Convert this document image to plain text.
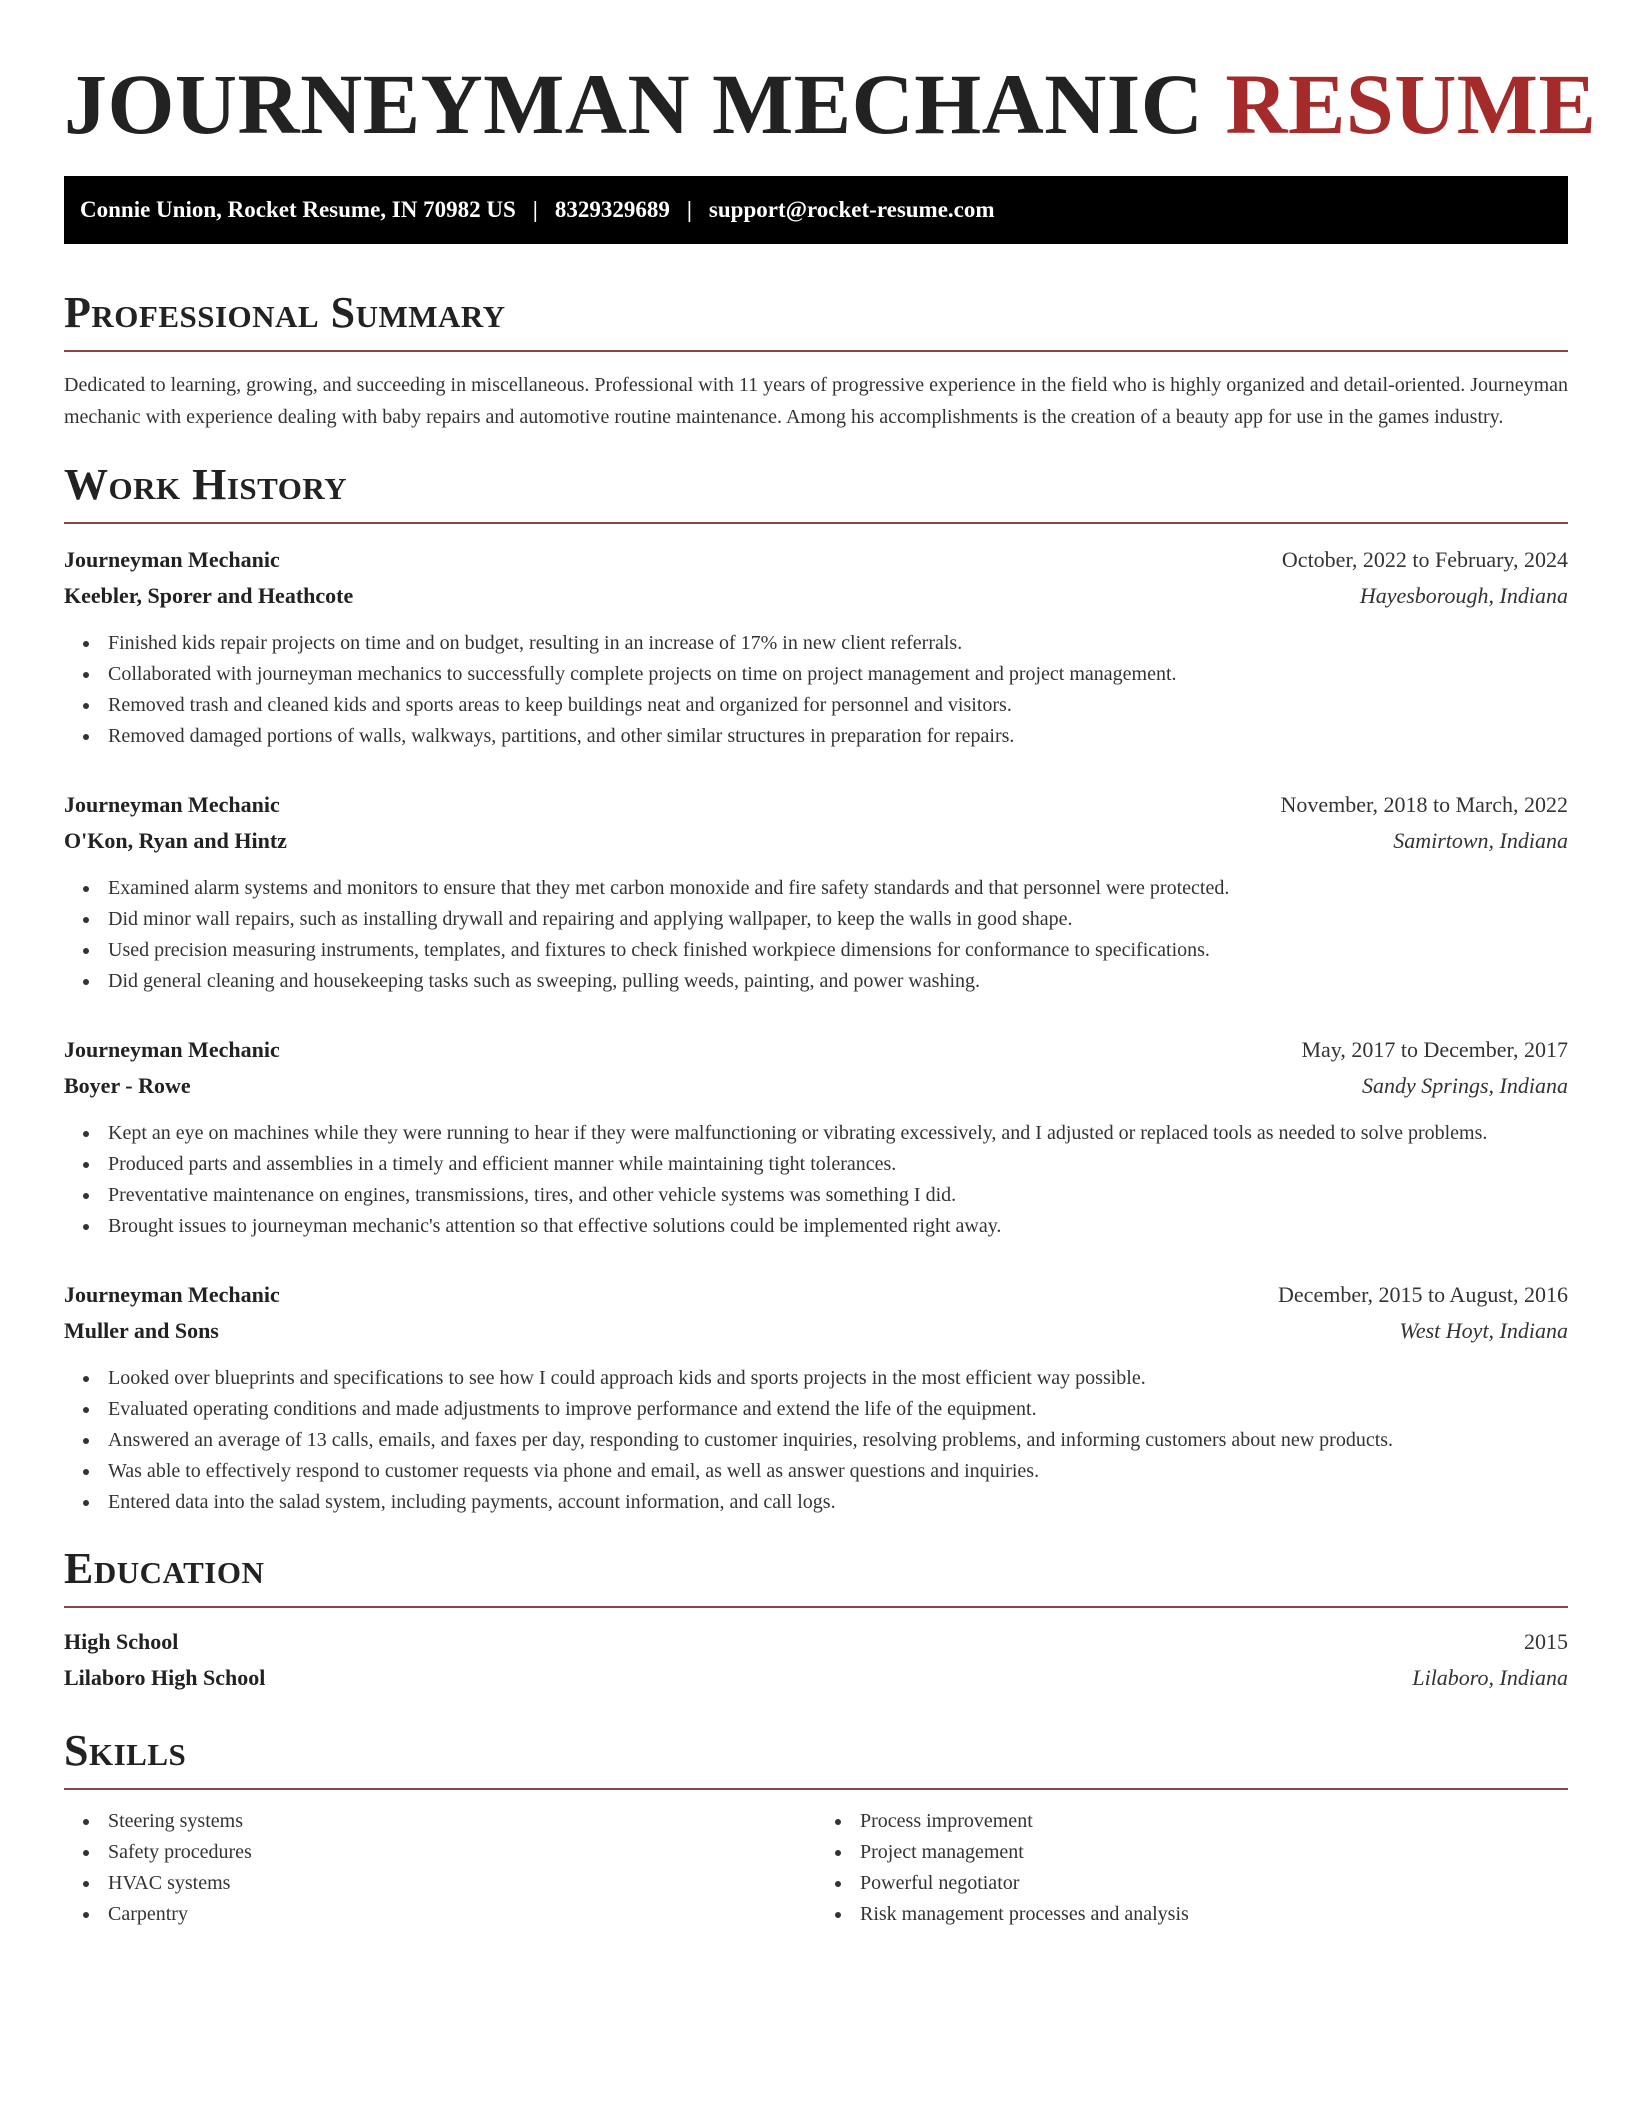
JOURNEYMAN MECHANIC RESUME
Connie Union, Rocket Resume, IN 70982 US | 8329329689 | support@rocket-resume.com
Professional Summary

Dedicated to learning, growing, and succeeding in miscellaneous. Professional with 11 years of progressive experience in the field who is highly organized and detail-oriented. Journeyman mechanic with experience dealing with baby repairs and automotive routine maintenance. Among his accomplishments is the creation of a beauty app for use in the games industry.

Work History
Journeyman Mechanic	October, 2022 to February, 2024
Keebler, Sporer and Heathcote	Hayesborough, Indiana
Finished kids repair projects on time and on budget, resulting in an increase of 17% in new client referrals.
Collaborated with journeyman mechanics to successfully complete projects on time on project management and project management.
Removed trash and cleaned kids and sports areas to keep buildings neat and organized for personnel and visitors.
Removed damaged portions of walls, walkways, partitions, and other similar structures in preparation for repairs.
Journeyman Mechanic	November, 2018 to March, 2022
O'Kon, Ryan and Hintz	Samirtown, Indiana
Examined alarm systems and monitors to ensure that they met carbon monoxide and fire safety standards and that personnel were protected.
Did minor wall repairs, such as installing drywall and repairing and applying wallpaper, to keep the walls in good shape.
Used precision measuring instruments, templates, and fixtures to check finished workpiece dimensions for conformance to specifications.
Did general cleaning and housekeeping tasks such as sweeping, pulling weeds, painting, and power washing.
Journeyman Mechanic	May, 2017 to December, 2017
Boyer - Rowe	Sandy Springs, Indiana
Kept an eye on machines while they were running to hear if they were malfunctioning or vibrating excessively, and I adjusted or replaced tools as needed to solve problems.
Produced parts and assemblies in a timely and efficient manner while maintaining tight tolerances.
Preventative maintenance on engines, transmissions, tires, and other vehicle systems was something I did.
Brought issues to journeyman mechanic's attention so that effective solutions could be implemented right away.
Journeyman Mechanic	December, 2015 to August, 2016
Muller and Sons	West Hoyt, Indiana
Looked over blueprints and specifications to see how I could approach kids and sports projects in the most efficient way possible.
Evaluated operating conditions and made adjustments to improve performance and extend the life of the equipment.
Answered an average of 13 calls, emails, and faxes per day, responding to customer inquiries, resolving problems, and informing customers about new products.
Was able to effectively respond to customer requests via phone and email, as well as answer questions and inquiries.
Entered data into the salad system, including payments, account information, and call logs.
Education
High School	2015
Lilaboro High School	Lilaboro, Indiana
Skills
Steering systems
Safety procedures
HVAC systems
Carpentry
Process improvement
Project management
Powerful negotiator
Risk management processes and analysis
